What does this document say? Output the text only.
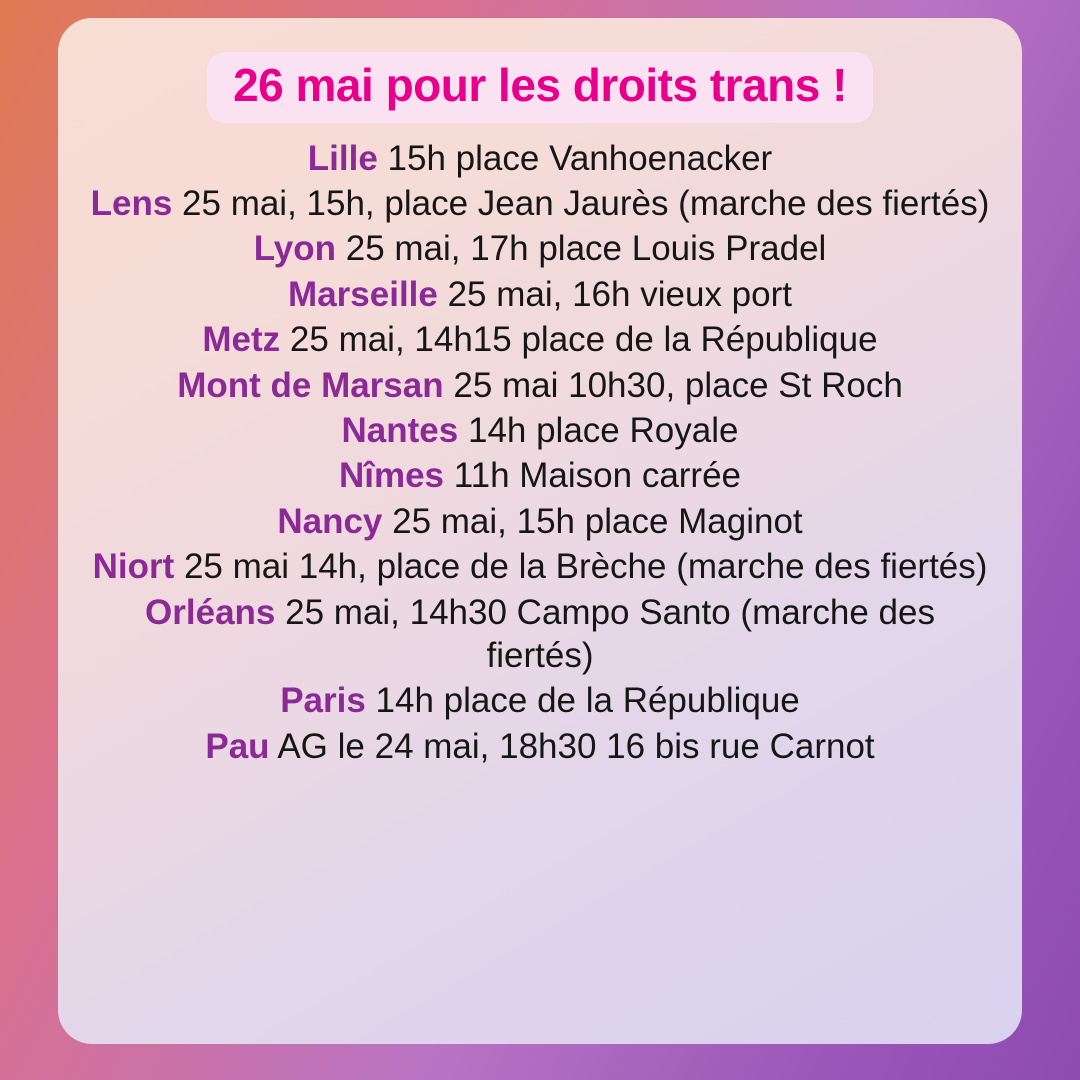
26 mai pour les droits trans !

Lille 15h place Vanhoenacker

Lens 25 mai, 15h, place Jean Jaurès (marche des fiertés)

Lyon 25 mai, 17h place Louis Pradel

Marseille 25 mai, 16h vieux port

Metz 25 mai, 14h15 place de la République

Mont de Marsan 25 mai 10h30, place St Roch

Nantes 14h place Royale

Nîmes 11h Maison carrée

Nancy 25 mai, 15h place Maginot

Niort 25 mai 14h, place de la Brèche (marche des fiertés)

Orléans 25 mai, 14h30 Campo Santo (marche des fiertés)

Paris 14h place de la République

Pau AG le 24 mai, 18h30 16 bis rue Carnot
